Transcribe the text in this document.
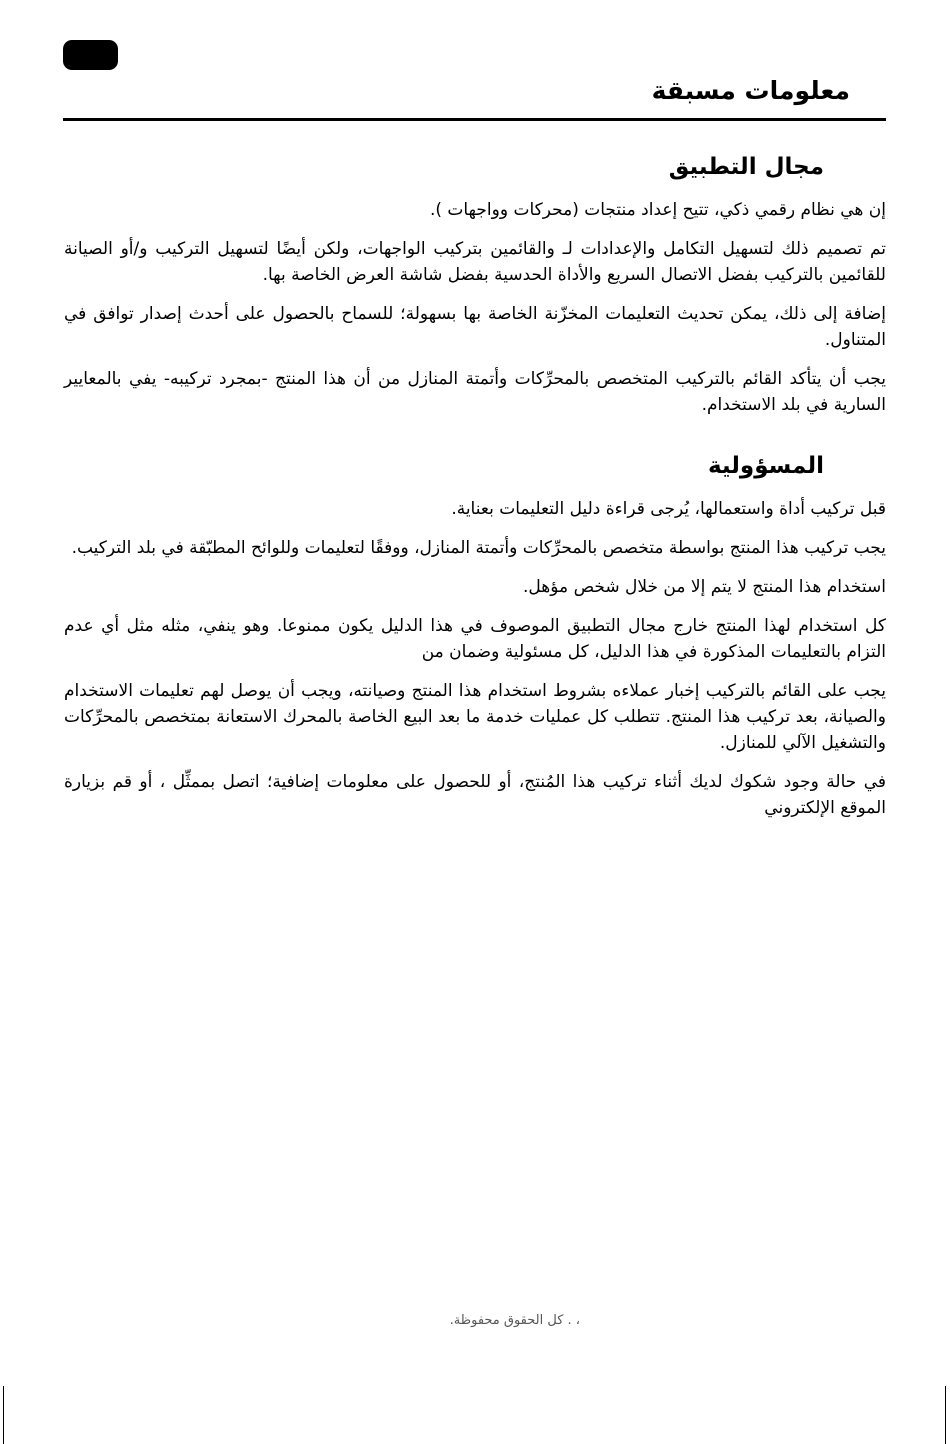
معلومات مسبقة
مجال التطبيق

إن هي نظام رقمي ذكي، تتيح إعداد منتجات (محركات وواجهات ).

تم تصميم ذلك لتسهيل التكامل والإعدادات لـ والقائمين بتركيب الواجهات، ولكن أيضًا لتسهيل التركيب و/أو الصيانة للقائمين بالتركيب بفضل الاتصال السريع والأداة الحدسية بفضل شاشة العرض الخاصة بها.

إضافة إلى ذلك، يمكن تحديث التعليمات المخزّنة الخاصة بها بسهولة؛ للسماح بالحصول على أحدث إصدار توافق في المتناول.

يجب أن يتأكد القائم بالتركيب المتخصص بالمحرِّكات وأتمتة المنازل من أن هذا المنتج -بمجرد تركيبه- يفي بالمعايير السارية في بلد الاستخدام.

المسؤولية

قبل تركيب أداة واستعمالها، يُرجى قراءة دليل التعليمات بعناية.

يجب تركيب هذا المنتج بواسطة متخصص بالمحرِّكات وأتمتة المنازل، ووفقًا لتعليمات وللوائح المطبّقة في بلد التركيب.

استخدام هذا المنتج لا يتم إلا من خلال شخص مؤهل.

كل استخدام لهذا المنتج خارج مجال التطبيق الموصوف في هذا الدليل يكون ممنوعا. وهو ينفي، مثله مثل أي عدم التزام بالتعليمات المذكورة في هذا الدليل، كل مسئولية وضمان من

يجب على القائم بالتركيب إخبار عملاءه بشروط استخدام هذا المنتج وصيانته، ويجب أن يوصل لهم تعليمات الاستخدام والصيانة، بعد تركيب هذا المنتج. تتطلب كل عمليات خدمة ما بعد البيع الخاصة بالمحرك الاستعانة بمتخصص بالمحرِّكات والتشغيل الآلي للمنازل.

في حالة وجود شكوك لديك أثناء تركيب هذا المُنتج، أو للحصول على معلومات إضافية؛ اتصل بممثِّل ، أو قم بزيارة الموقع الإلكتروني

، . كل الحقوق محفوظة.
